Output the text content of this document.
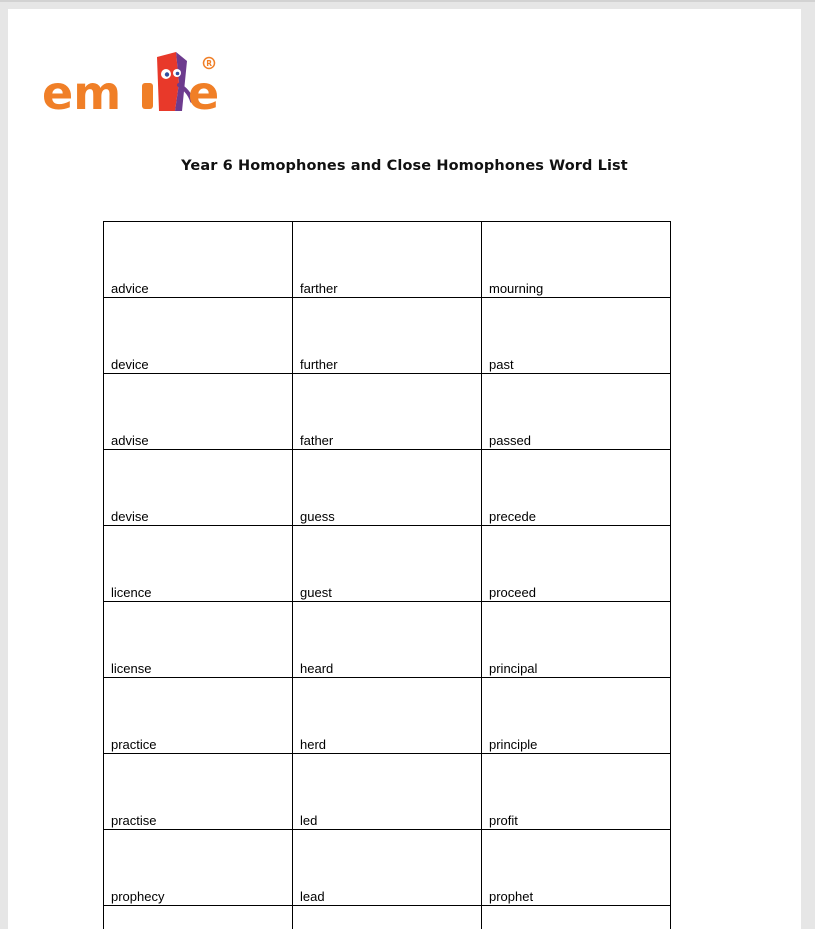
em e
R
Year 6 Homophones and Close Homophones Word List
advice	farther	mourning
device	further	past
advise	father	passed
devise	guess	precede
licence	guest	proceed
license	heard	principal
practice	herd	principle
practise	led	profit
prophecy	lead	prophet
